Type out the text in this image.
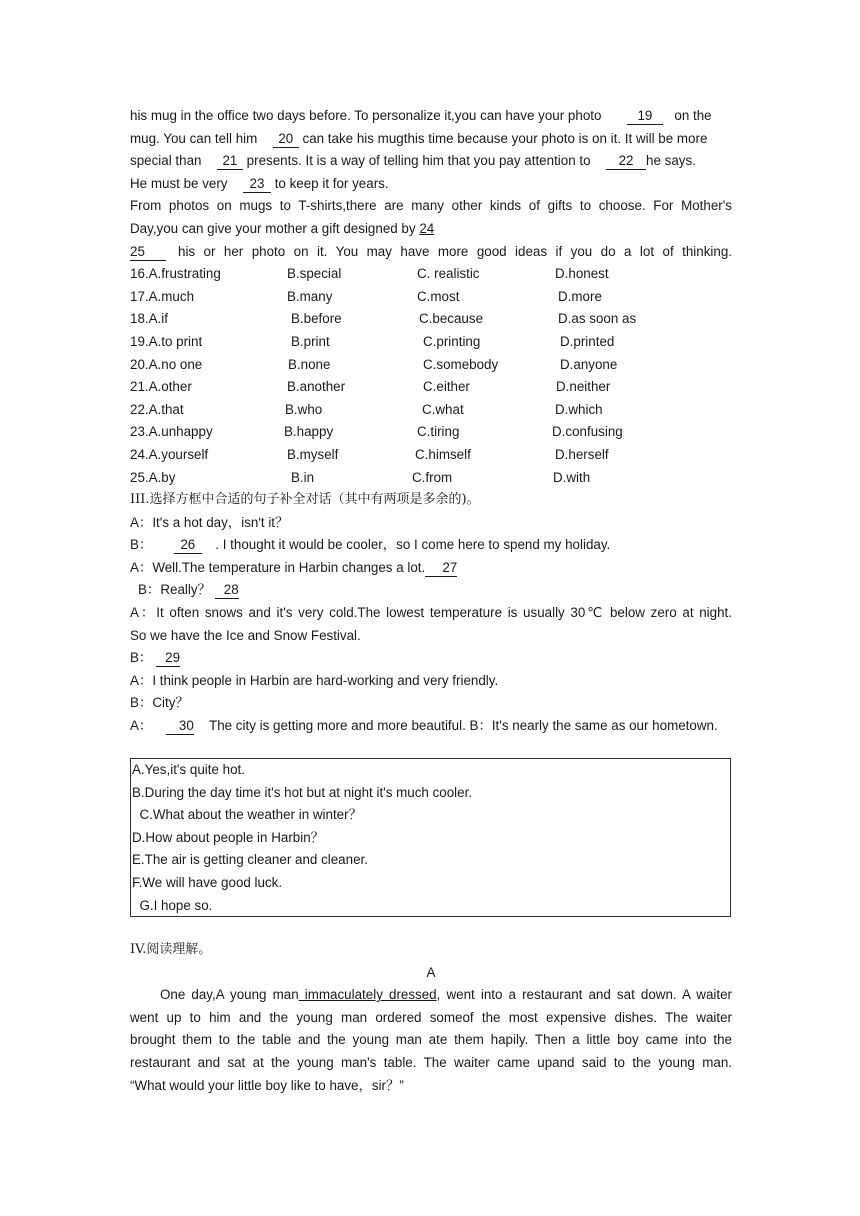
his mug in the office two days before. To personalize it,you can have your photo	19 on the
mug. You can tell him 20 can take his mugthis time because your photo is on it. It will be more
special than 21 presents. It is a way of telling him that you pay attention to 22 he says.
He must be very 23 to keep it for years.
From photos on mugs to T-shirts,there are many other kinds of gifts to choose. For Mother's
Day,you can give your mother a gift designed by 24
25 his or her photo on it. You may have more good ideas if you do a lot of thinking.
16.A.frustrating	B.special	C. realistic	D.honest
17.A.much	B.many	C.most	D.more
18.A.if	B.before	C.because	D.as soon as
19.A.to print	B.print	C.printing	D.printed
20.A.no one	B.none	C.somebody	D.anyone
21.A.other	B.another	C.either	D.neither
22.A.that	B.who	C.what	D.which
23.A.unhappy	B.happy	C.tiring	D.confusing
24.A.yourself	B.myself	C.himself	D.herself
25.A.by	B.in	C.from	D.with
III.选择方框中合适的句子补全对话（其中有两项是多余的)。
A：It's a hot day，isn't it？
B： 26 . I thought it would be cooler，so I come here to spend my holiday.
A：Well.The temperature in Harbin changes a lot. 27
B：Really？ 28
A：It often snows and it's very cold.The lowest temperature is usually 30℃ below zero at night.
So we have the Ice and Snow Festival.
B： 29
A：I think people in Harbin are hard-working and very friendly.
B：City？
A： 30 The city is getting more and more beautiful. B：It's nearly the same as our hometown.
A.Yes,it's quite hot.
B.During the day time it's hot but at night it's much cooler.
C.What about the weather in winter？
D.How about people in Harbin？
E.The air is getting cleaner and cleaner.
F.We will have good luck.
G.I hope so.
IV.阅读理解。
A
One day,A young man immaculately dressed, went into a restaurant and sat down. A waiter
went up to him and the young man ordered someof the most expensive dishes. The waiter
brought them to the table and the young man ate them hapily. Then a little boy came into the
restaurant and sat at the young man's table. The waiter came upand said to the young man.
“What would your little boy like to have，sir？”
